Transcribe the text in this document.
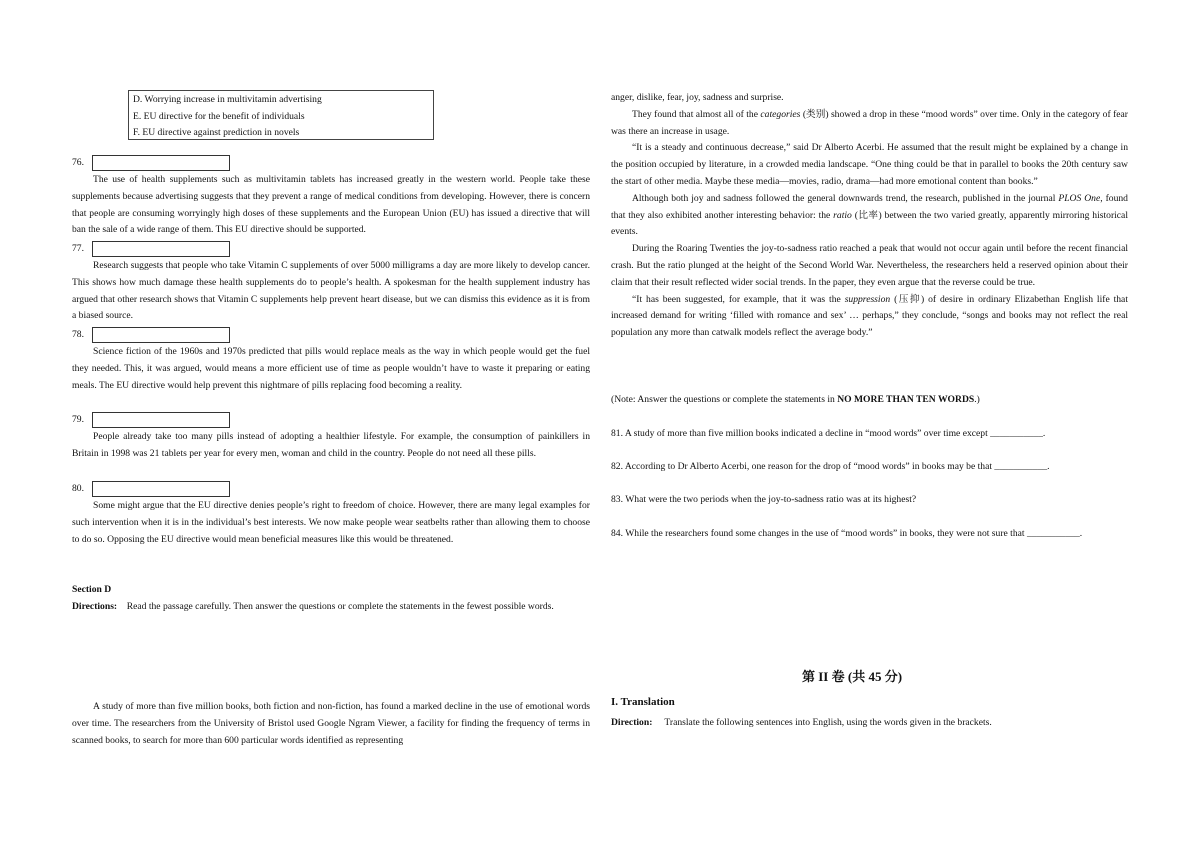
D. Worrying increase in multivitamin advertising
E. EU directive for the benefit of individuals
F. EU directive against prediction in novels
76.

The use of health supplements such as multivitamin tablets has increased greatly in the western world. People take these supplements because advertising suggests that they prevent a range of medical conditions from developing. However, there is concern that people are consuming worryingly high doses of these supplements and the European Union (EU) has issued a directive that will ban the sale of a wide range of them. This EU directive should be supported.

77.

Research suggests that people who take Vitamin C supplements of over 5000 milligrams a day are more likely to develop cancer. This shows how much damage these health supplements do to people’s health. A spokesman for the health supplement industry has argued that other research shows that Vitamin C supplements help prevent heart disease, but we can dismiss this evidence as it is from a biased source.

78.

Science fiction of the 1960s and 1970s predicted that pills would replace meals as the way in which people would get the fuel they needed. This, it was argued, would means a more efficient use of time as people wouldn’t have to waste it preparing or eating meals. The EU directive would help prevent this nightmare of pills replacing food becoming a reality.

79.

People already take too many pills instead of adopting a healthier lifestyle. For example, the consumption of painkillers in Britain in 1998 was 21 tablets per year for every men, woman and child in the country. People do not need all these pills.

80.

Some might argue that the EU directive denies people’s right to freedom of choice. However, there are many legal examples for such intervention when it is in the individual’s best interests. We now make people wear seatbelts rather than allowing them to choose to do so. Opposing the EU directive would mean beneficial measures like this would be threatened.

Section D

Directions: Read the passage carefully. Then answer the questions or complete the statements in the fewest possible words.

A study of more than five million books, both fiction and non-fiction, has found a marked decline in the use of emotional words over time. The researchers from the University of Bristol used Google Ngram Viewer, a facility for finding the frequency of terms in scanned books, to search for more than 600 particular words identified as representing

anger, dislike, fear, joy, sadness and surprise.

They found that almost all of the categories (类别) showed a drop in these “mood words” over time. Only in the category of fear was there an increase in usage.

“It is a steady and continuous decrease,” said Dr Alberto Acerbi. He assumed that the result might be explained by a change in the position occupied by literature, in a crowded media landscape. “One thing could be that in parallel to books the 20th century saw the start of other media. Maybe these media—movies, radio, drama—had more emotional content than books.”

Although both joy and sadness followed the general downwards trend, the research, published in the journal PLOS One, found that they also exhibited another interesting behavior: the ratio (比率) between the two varied greatly, apparently mirroring historical events.

During the Roaring Twenties the joy-to-sadness ratio reached a peak that would not occur again until before the recent financial crash. But the ratio plunged at the height of the Second World War. Nevertheless, the researchers held a reserved opinion about their claim that their result reflected wider social trends. In the paper, they even argue that the reverse could be true.

“It has been suggested, for example, that it was the suppression (压抑) of desire in ordinary Elizabethan English life that increased demand for writing ‘filled with romance and sex’ … perhaps,” they conclude, “songs and books may not reflect the real population any more than catwalk models reflect the average body.”

(Note: Answer the questions or complete the statements in NO MORE THAN TEN WORDS.)

81. A study of more than five million books indicated a decline in “mood words” over time except ___________.

82. According to Dr Alberto Acerbi, one reason for the drop of “mood words” in books may be that ___________.

83. What were the two periods when the joy-to-sadness ratio was at its highest?

84. While the researchers found some changes in the use of “mood words” in books, they were not sure that ___________.

第 II 卷 (共 45 分)
I. Translation
Direction: Translate the following sentences into English, using the words given in the brackets.
